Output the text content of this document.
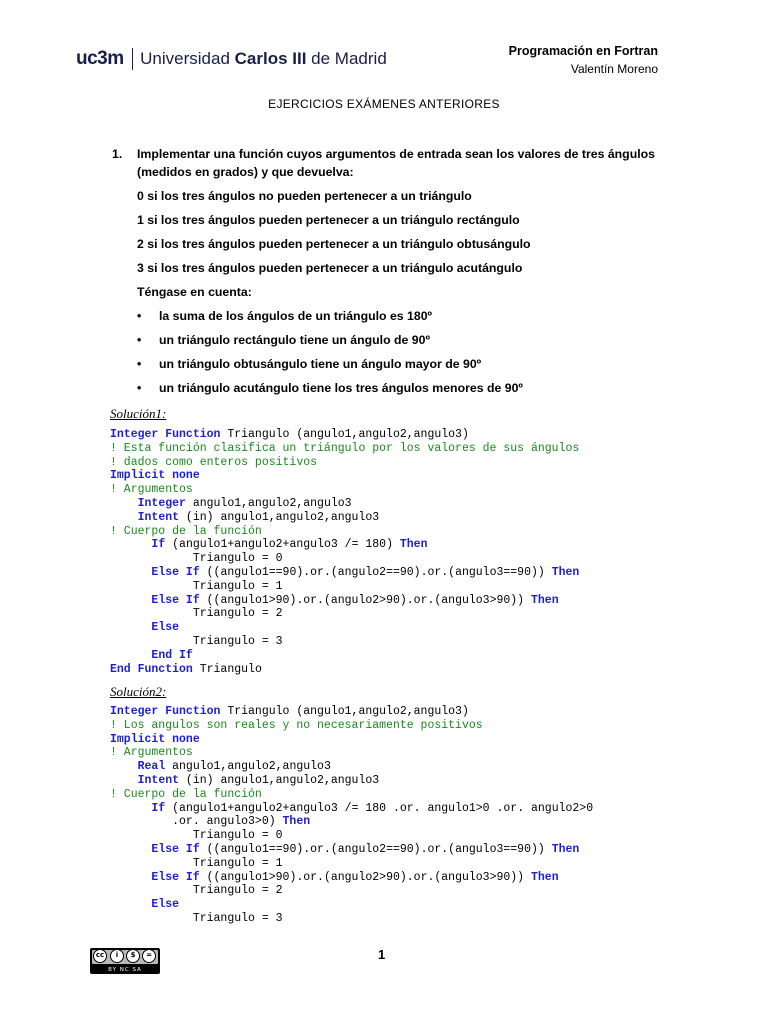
uc3m Universidad Carlos III de Madrid	Programación en Fortran
Valentín Moreno
EJERCICIOS EXÁMENES ANTERIORES
1. Implementar una función cuyos argumentos de entrada sean los valores de tres ángulos (medidos en grados) y que devuelva:
0 si los tres ángulos no pueden pertenecer a un triángulo
1 si los tres ángulos pueden pertenecer a un triángulo rectángulo
2 si los tres ángulos pueden pertenecer a un triángulo obtusángulo
3 si los tres ángulos pueden pertenecer a un triángulo acutángulo
Téngase en cuenta:
• la suma de los ángulos de un triángulo es 180º
• un triángulo rectángulo tiene un ángulo de 90º
• un triángulo obtusángulo tiene un ángulo mayor de 90º
• un triángulo acutángulo tiene los tres ángulos menores de 90º
Solución1:
Integer Function Triangulo (angulo1,angulo2,angulo3)
! Esta función clasifica un triángulo por los valores de sus ángulos
! dados como enteros positivos
Implicit none
! Argumentos
Integer angulo1,angulo2,angulo3
Intent (in) angulo1,angulo2,angulo3
! Cuerpo de la función
If (angulo1+angulo2+angulo3 /= 180) Then
Triangulo = 0
Else If ((angulo1==90).or.(angulo2==90).or.(angulo3==90)) Then
Triangulo = 1
Else If ((angulo1>90).or.(angulo2>90).or.(angulo3>90)) Then
Triangulo = 2
Else
Triangulo = 3
End If
End Function Triangulo
Solución2:
Integer Function Triangulo (angulo1,angulo2,angulo3)
! Los angulos son reales y no necesariamente positivos
Implicit none
! Argumentos
Real angulo1,angulo2,angulo3
Intent (in) angulo1,angulo2,angulo3
! Cuerpo de la función
If (angulo1+angulo2+angulo3 /= 180 .or. angulo1>0 .or. angulo2>0
.or. angulo3>0) Then
Triangulo = 0
Else If ((angulo1==90).or.(angulo2==90).or.(angulo3==90)) Then
Triangulo = 1
Else If ((angulo1>90).or.(angulo2>90).or.(angulo3>90)) Then
Triangulo = 2
Else
Triangulo = 3
cc	i	$	=
BY NC SA
1
